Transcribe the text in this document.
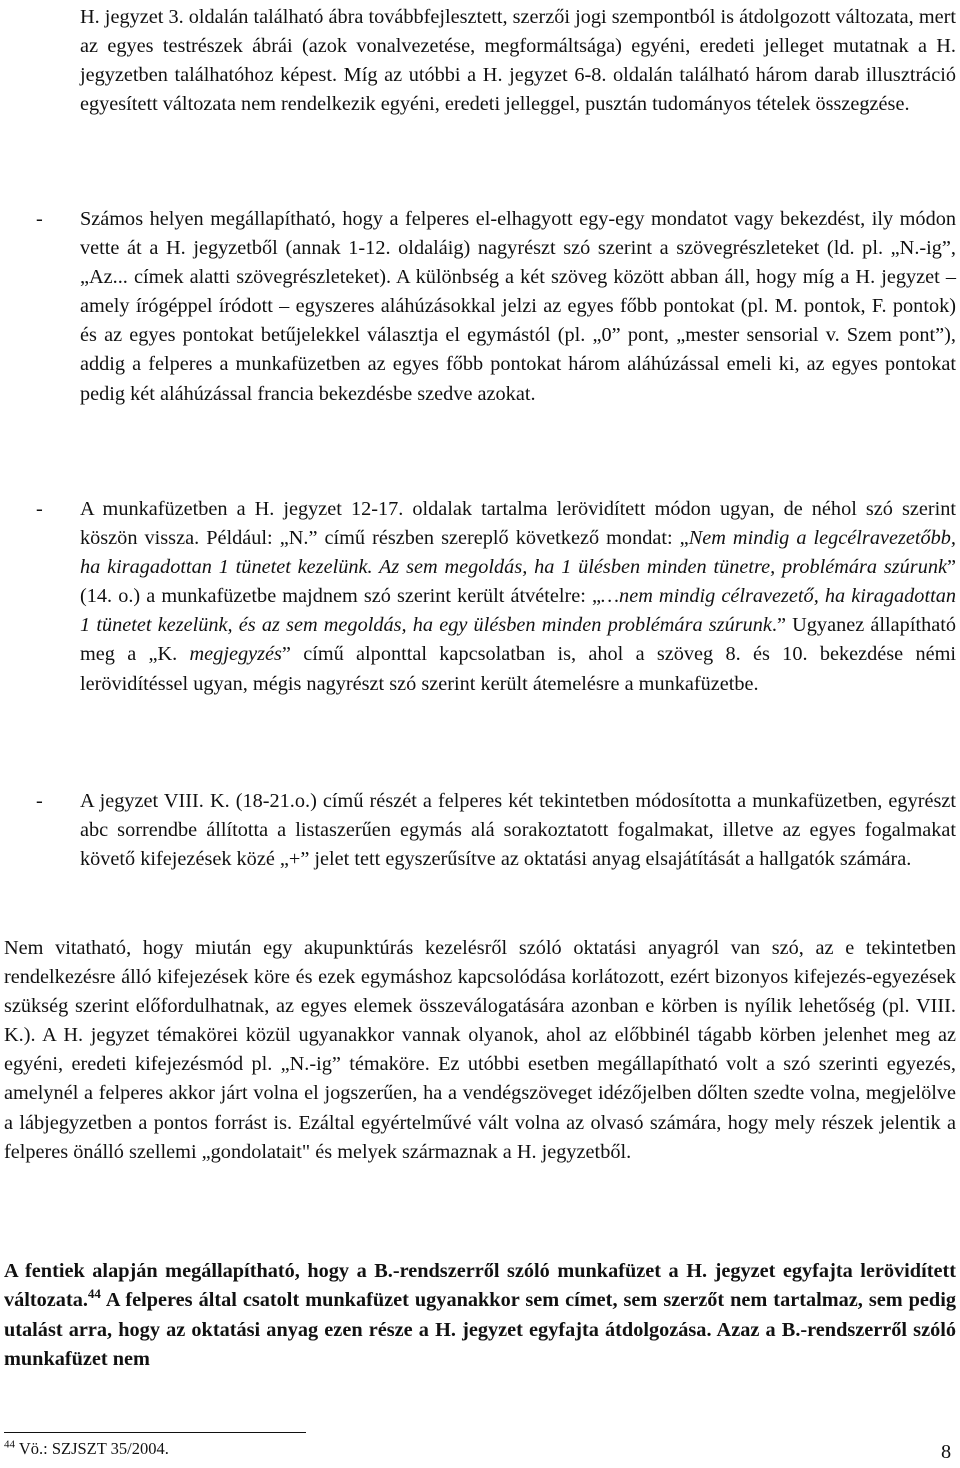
H. jegyzet 3. oldalán található ábra továbbfejlesztett, szerzői jogi szempontból is átdolgozott változata, mert az egyes testrészek ábrái (azok vonalvezetése, megformáltsága) egyéni, eredeti jelleget mutatnak a H. jegyzetben találhatóhoz képest. Míg az utóbbi a H. jegyzet 6-8. oldalán található három darab illusztráció egyesített változata nem rendelkezik egyéni, eredeti jelleggel, pusztán tudományos tételek összegzése.

- Számos helyen megállapítható, hogy a felperes el-elhagyott egy-egy mondatot vagy bekezdést, ily módon vette át a H. jegyzetből (annak 1-12. oldaláig) nagyrészt szó szerint a szövegrészleteket (ld. pl. „N.-ig”, „Az... címek alatti szövegrészleteket). A különbség a két szöveg között abban áll, hogy míg a H. jegyzet – amely írógéppel íródott – egyszeres aláhúzásokkal jelzi az egyes főbb pontokat (pl. M. pontok, F. pontok) és az egyes pontokat betűjelekkel választja el egymástól (pl. „0” pont, „mester sensorial v. Szem pont”), addig a felperes a munkafüzetben az egyes főbb pontokat három aláhúzással emeli ki, az egyes pontokat pedig két aláhúzással francia bekezdésbe szedve azokat.

- A munkafüzetben a H. jegyzet 12-17. oldalak tartalma lerövidített módon ugyan, de néhol szó szerint köszön vissza. Például: „N.” című részben szereplő következő mondat: „Nem mindig a legcélravezetőbb, ha kiragadottan 1 tünetet kezelünk. Az sem megoldás, ha 1 ülésben minden tünetre, problémára szúrunk” (14. o.) a munkafüzetbe majdnem szó szerint került átvételre: „…nem mindig célravezető, ha kiragadottan 1 tünetet kezelünk, és az sem megoldás, ha egy ülésben minden problémára szúrunk.” Ugyanez állapítható meg a „K. megjegyzés” című alponttal kapcsolatban is, ahol a szöveg 8. és 10. bekezdése némi lerövidítéssel ugyan, mégis nagyrészt szó szerint került átemelésre a munkafüzetbe.

- A jegyzet VIII. K. (18-21.o.) című részét a felperes két tekintetben módosította a munkafüzetben, egyrészt abc sorrendbe állította a listaszerűen egymás alá sorakoztatott fogalmakat, illetve az egyes fogalmakat követő kifejezések közé „+” jelet tett egyszerűsítve az oktatási anyag elsajátítását a hallgatók számára.

Nem vitatható, hogy miután egy akupunktúrás kezelésről szóló oktatási anyagról van szó, az e tekintetben rendelkezésre álló kifejezések köre és ezek egymáshoz kapcsolódása korlátozott, ezért bizonyos kifejezés-egyezések szükség szerint előfordulhatnak, az egyes elemek összeválogatására azonban e körben is nyílik lehetőség (pl. VIII. K.). A H. jegyzet témakörei közül ugyanakkor vannak olyanok, ahol az előbbinél tágabb körben jelenhet meg az egyéni, eredeti kifejezésmód pl. „N.-ig” témaköre. Ez utóbbi esetben megállapítható volt a szó szerinti egyezés, amelynél a felperes akkor járt volna el jogszerűen, ha a vendégszöveget idézőjelben dőlten szedte volna, megjelölve a lábjegyzetben a pontos forrást is. Ezáltal egyértelművé vált volna az olvasó számára, hogy mely részek jelentik a felperes önálló szellemi „gondolatait" és melyek származnak a H. jegyzetből.

A fentiek alapján megállapítható, hogy a B.-rendszerről szóló munkafüzet a H. jegyzet egyfajta lerövidített változata.$^{44}$ A felperes által csatolt munkafüzet ugyanakkor sem címet, sem szerzőt nem tartalmaz, sem pedig utalást arra, hogy az oktatási anyag ezen része a H. jegyzet egyfajta átdolgozása. Azaz a B.-rendszerről szóló munkafüzet nem

$^{44}$ Vö.: SZJSZT 35/2004.	8
